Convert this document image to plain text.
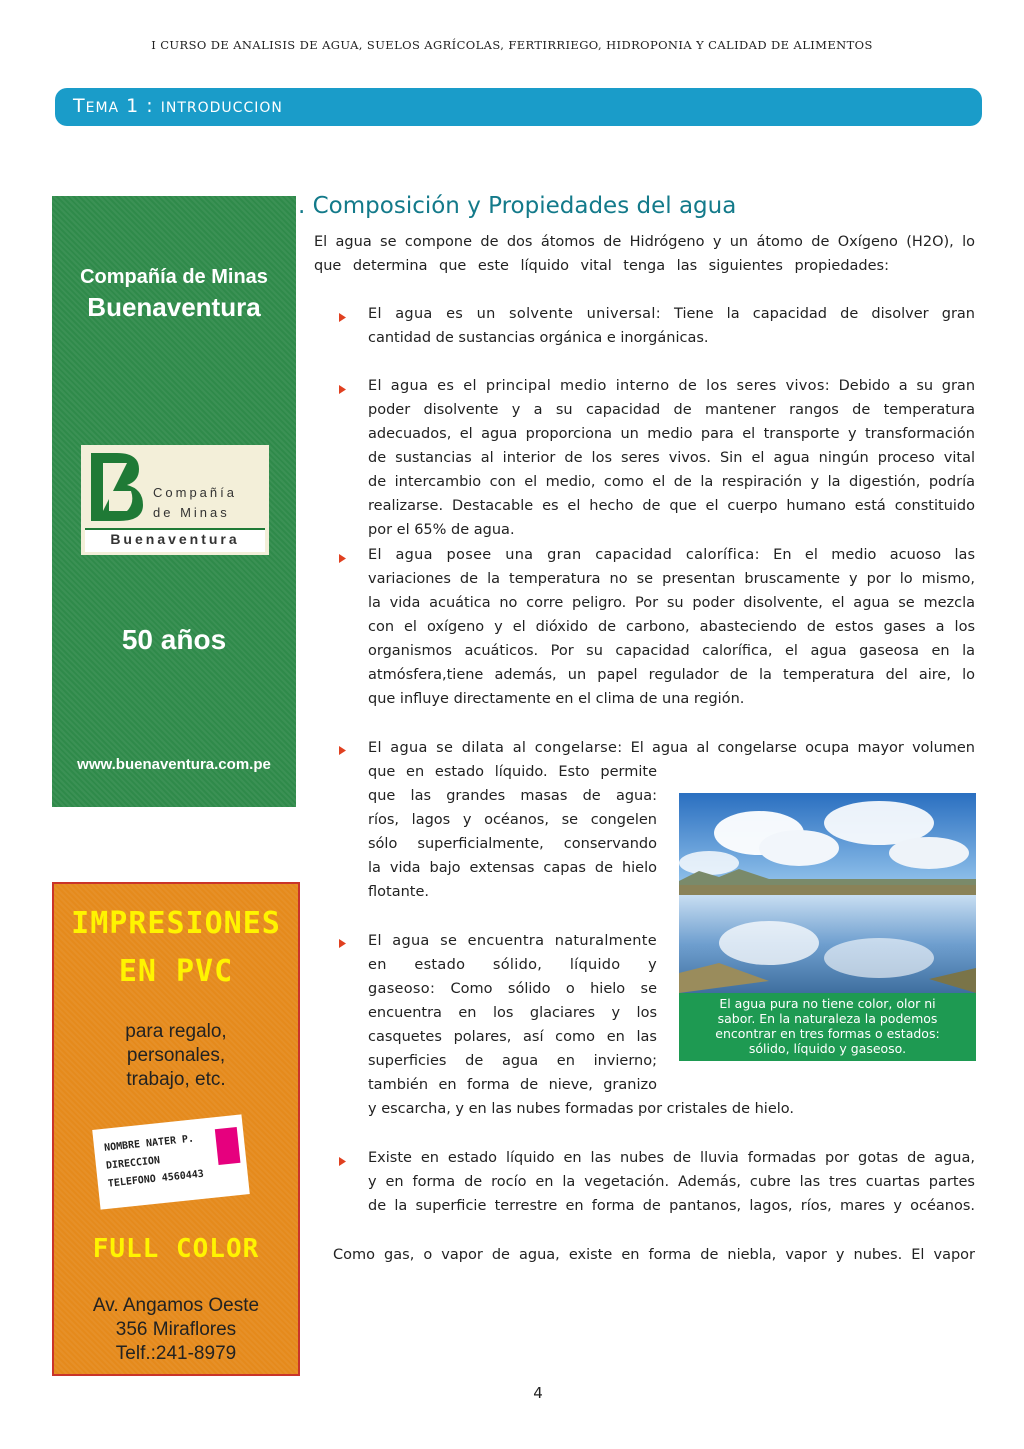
I CURSO DE ANALISIS DE AGUA, SUELOS AGRÍCOLAS, FERTIRRIEGO, HIDROPONIA Y CALIDAD DE ALIMENTOS
TEMA 1 : INTRODUCCION
Compañía de Minas
Buenaventura
Compañía
de Minas
Buenaventura
50 años
www.buenaventura.com.pe
IMPRESIONES
EN PVC
para regalo,
personales,
trabajo, etc.
NOMBRE NATER P.
DIRECCION
TELEFONO 4560443
FULL COLOR
Av. Angamos Oeste
356 Miraflores
Telf.:241-8979
. Composición y Propiedades del agua
El agua se compone de dos átomos de Hidrógeno y un átomo de Oxígeno (H2O), lo
que determina que este líquido vital tenga las siguientes propiedades:
El agua es un solvente universal: Tiene la capacidad de disolver gran
cantidad de sustancias orgánica e inorgánicas.
El agua es el principal medio interno de los seres vivos: Debido a su gran
poder disolvente y a su capacidad de mantener rangos de temperatura
adecuados, el agua proporciona un medio para el transporte y transformación
de sustancias al interior de los seres vivos. Sin el agua ningún proceso vital
de intercambio con el medio, como el de la respiración y la digestión, podría
realizarse. Destacable es el hecho de que el cuerpo humano está constituido
por el 65% de agua.
El agua posee una gran capacidad calorífica: En el medio acuoso las
variaciones de la temperatura no se presentan bruscamente y por lo mismo,
la vida acuática no corre peligro. Por su poder disolvente, el agua se mezcla
con el oxígeno y el dióxido de carbono, abasteciendo de estos gases a los
organismos acuáticos. Por su capacidad calorífica, el agua gaseosa en la
atmósfera,tiene además, un papel regulador de la temperatura del aire, lo
que influye directamente en el clima de una región.
El agua se dilata al congelarse: El agua al congelarse ocupa mayor volumen
que en estado líquido. Esto permite
que las grandes masas de agua:
ríos, lagos y océanos, se congelen
sólo superficialmente, conservando
la vida bajo extensas capas de hielo
flotante.
El agua se encuentra naturalmente
en estado sólido, líquido y
gaseoso: Como sólido o hielo se
encuentra en los glaciares y los
casquetes polares, así como en las
superficies de agua en invierno;
también en forma de nieve, granizo
y escarcha, y en las nubes formadas por cristales de hielo.
El agua pura no tiene color, olor ni
sabor. En la naturaleza la podemos
encontrar en tres formas o estados:
sólido, líquido y gaseoso.
Existe en estado líquido en las nubes de lluvia formadas por gotas de agua,
y en forma de rocío en la vegetación. Además, cubre las tres cuartas partes
de la superficie terrestre en forma de pantanos, lagos, ríos, mares y océanos.
Como gas, o vapor de agua, existe en forma de niebla, vapor y nubes. El vapor
4
